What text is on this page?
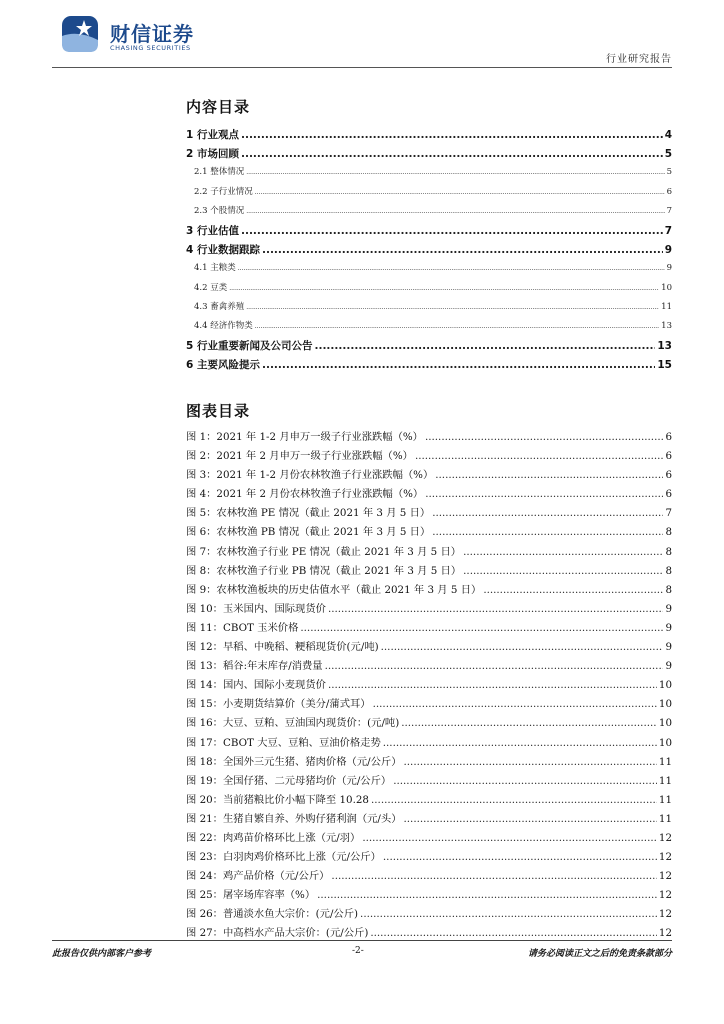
财信证券
CHASING SECURITIES
行业研究报告
内容目录
1 行业观点 .....	4
2 市场回顾 .....	5
2.1 整体情况 .....	5
2.2 子行业情况 .....	6
2.3 个股情况 .....	7
3 行业估值 .....	7
4 行业数据跟踪 .....	9
4.1 主粮类 .....	9
4.2 豆类 .....	10
4.3 畜禽养殖 .....	11
4.4 经济作物类 .....	13
5 行业重要新闻及公司公告 .....	13
6 主要风险提示 .....	15
图表目录
图 1：2021 年 1-2 月申万一级子行业涨跌幅（%） .....	6
图 2：2021 年 2 月申万一级子行业涨跌幅（%） .....	6
图 3：2021 年 1-2 月份农林牧渔子行业涨跌幅（%） .....	6
图 4：2021 年 2 月份农林牧渔子行业涨跌幅（%） .....	6
图 5：农林牧渔 PE 情况（截止 2021 年 3 月 5 日） .....	7
图 6：农林牧渔 PB 情况（截止 2021 年 3 月 5 日） .....	8
图 7：农林牧渔子行业 PE 情况（截止 2021 年 3 月 5 日） .....	8
图 8：农林牧渔子行业 PB 情况（截止 2021 年 3 月 5 日） .....	8
图 9：农林牧渔板块的历史估值水平（截止 2021 年 3 月 5 日） .....	8
图 10：玉米国内、国际现货价 .....	9
图 11：CBOT 玉米价格 .....	9
图 12：早稻、中晚稻、粳稻现货价(元/吨) .....	9
图 13：稻谷:年末库存/消费量 .....	9
图 14：国内、国际小麦现货价 .....	10
图 15：小麦期货结算价（美分/蒲式耳） .....	10
图 16：大豆、豆粕、豆油国内现货价：(元/吨) .....	10
图 17：CBOT 大豆、豆粕、豆油价格走势 .....	10
图 18：全国外三元生猪、猪肉价格（元/公斤） .....	11
图 19：全国仔猪、二元母猪均价（元/公斤） .....	11
图 20：当前猪粮比价小幅下降至 10.28 .....	11
图 21：生猪自繁自养、外购仔猪利润（元/头） .....	11
图 22：肉鸡苗价格环比上涨（元/羽） .....	12
图 23：白羽肉鸡价格环比上涨（元/公斤） .....	12
图 24：鸡产品价格（元/公斤） .....	12
图 25：屠宰场库容率（%） .....	12
图 26：普通淡水鱼大宗价：(元/公斤) .....	12
图 27：中高档水产品大宗价：(元/公斤) .....	12
此报告仅供内部客户参考	-2-	请务必阅读正文之后的免责条款部分
